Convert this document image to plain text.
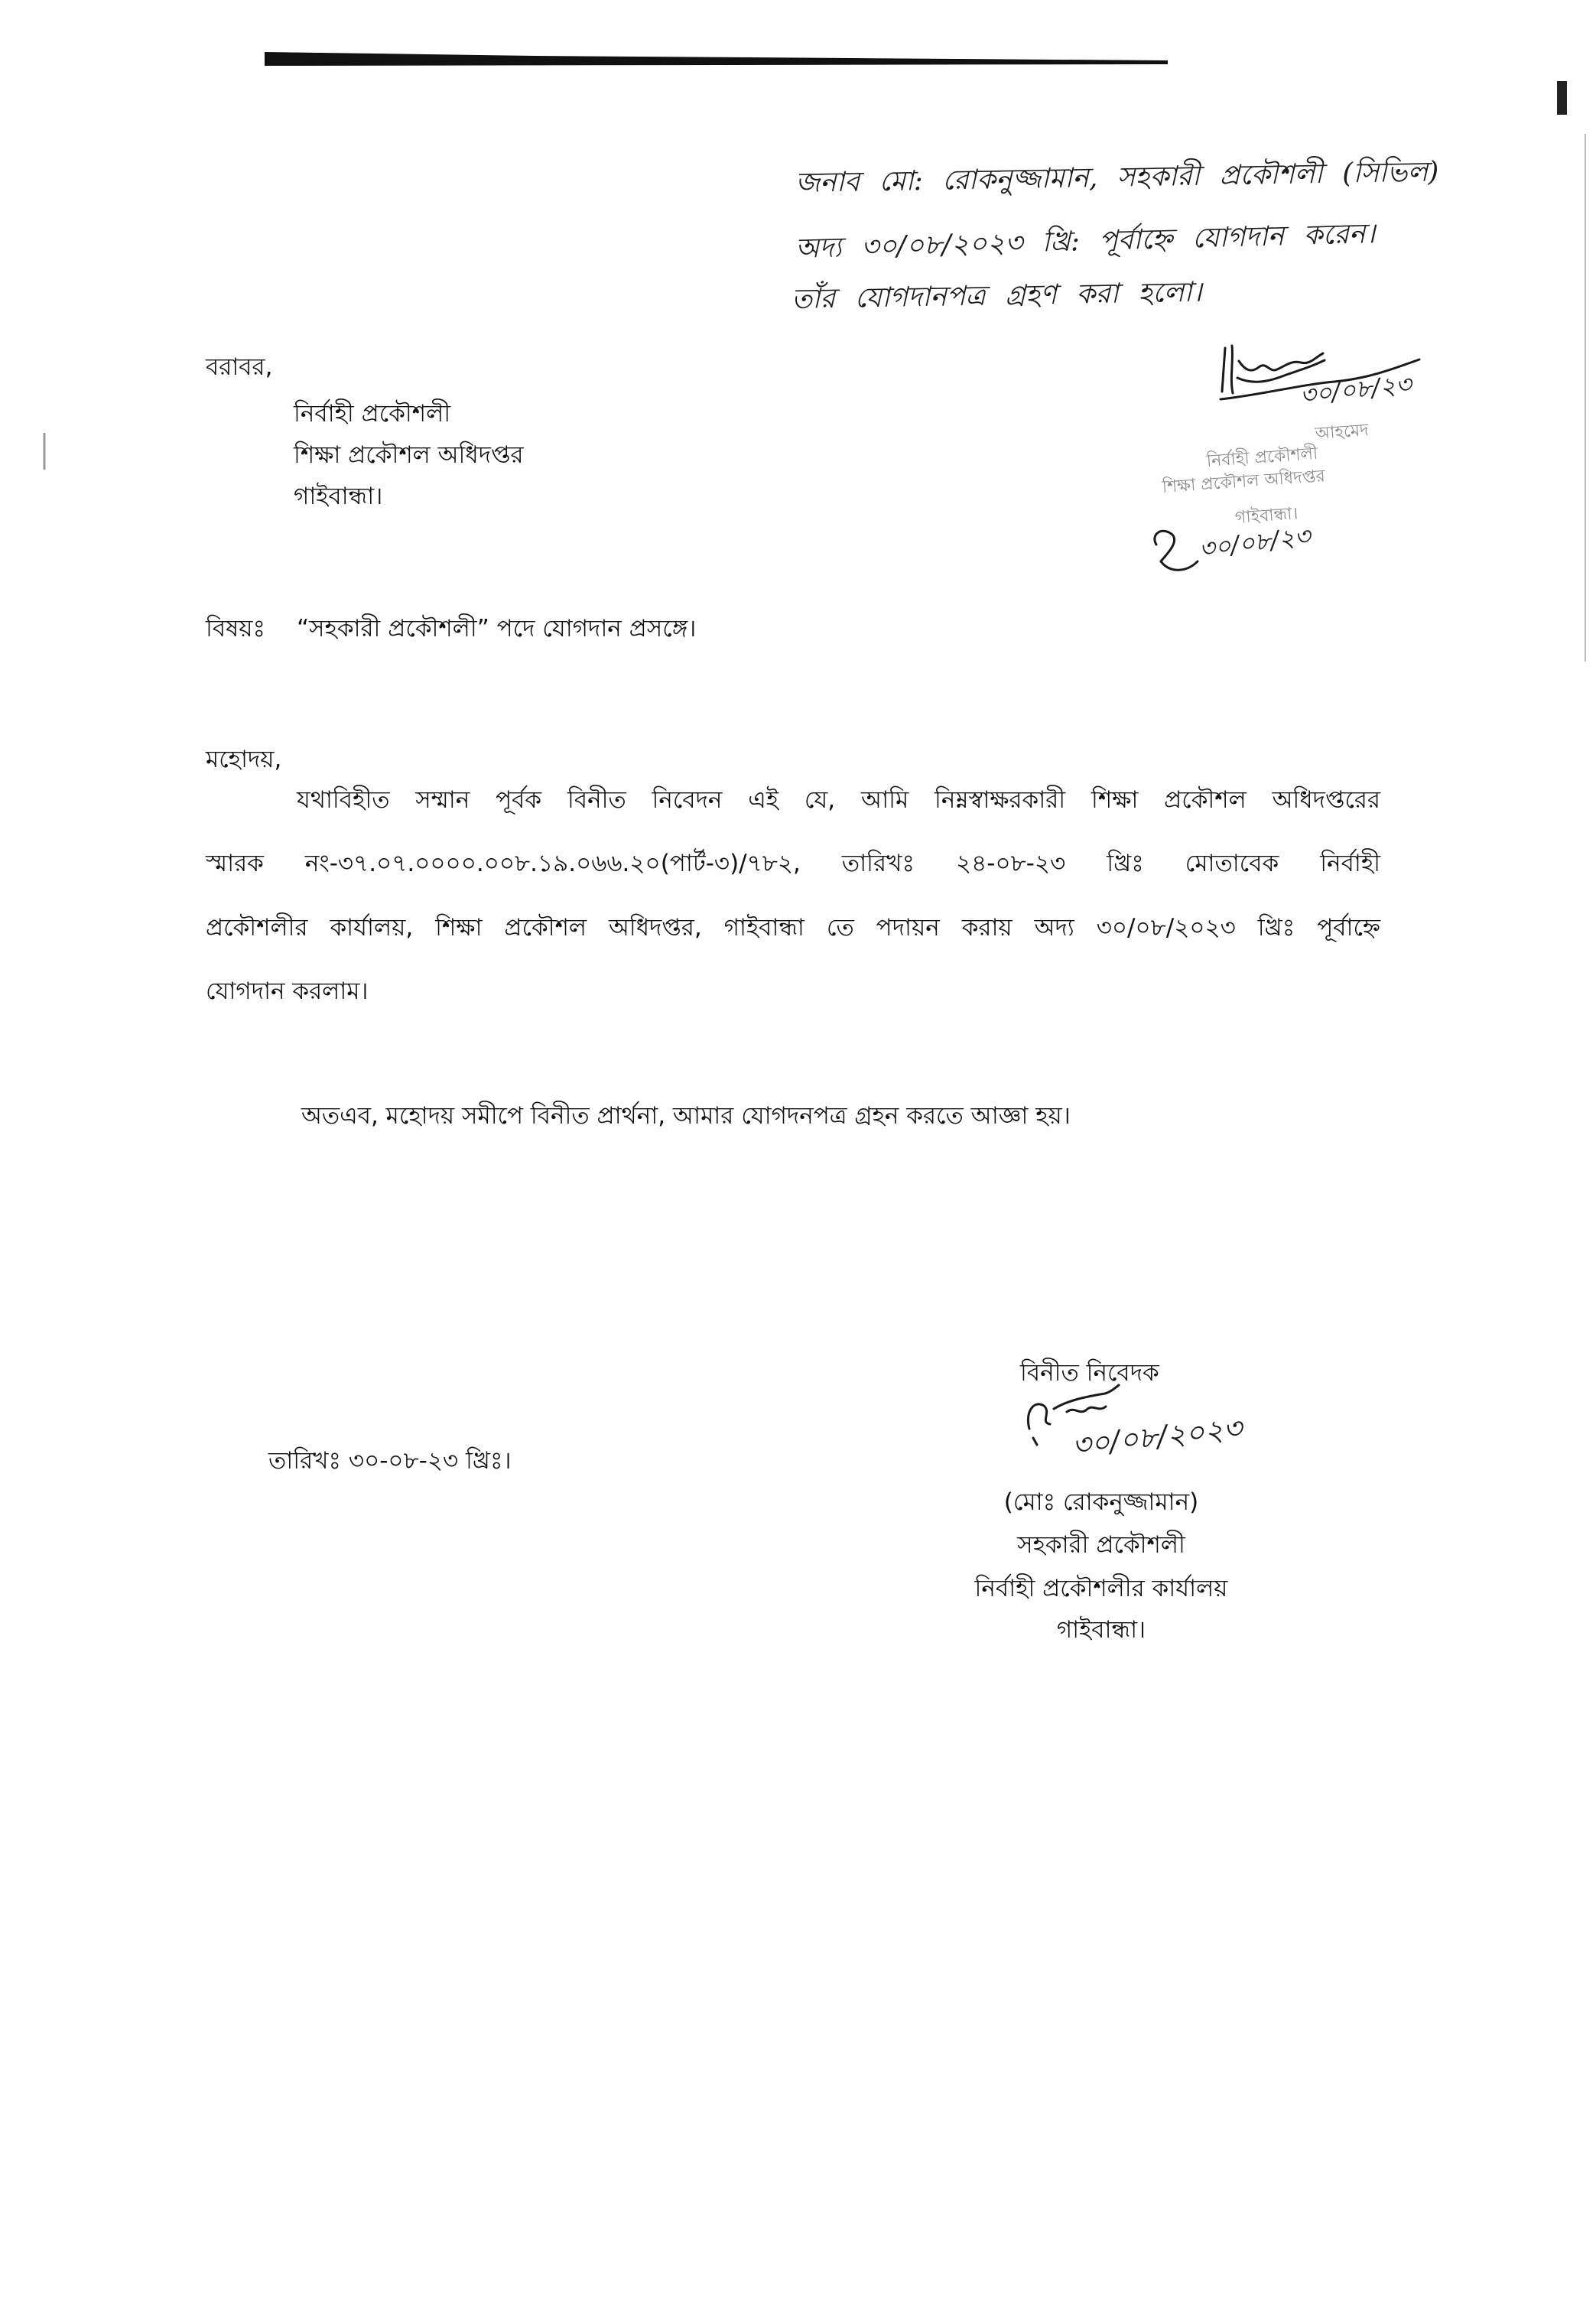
জনাব মো: রোকনুজ্জামান, সহকারী প্রকৌশলী (সিভিল)
অদ্য ৩০/০৮/২০২৩ খ্রি: পূর্বাহ্নে যোগদান করেন।
তাঁর যোগদানপত্র গ্রহণ করা হলো।
৩০/০৮/২৩
আহমেদ
নির্বাহী প্রকৌশলী
শিক্ষা প্রকৌশল অধিদপ্তর
গাইবান্ধা।
৩০/০৮/২৩
বরাবর,
নির্বাহী প্রকৌশলী
শিক্ষা প্রকৌশল অধিদপ্তর
গাইবান্ধা।
বিষয়ঃ “সহকারী প্রকৌশলী” পদে যোগদান প্রসঙ্গে।
মহোদয়,
যথাবিহীত সম্মান পূর্বক বিনীত নিবেদন এই যে, আমি নিম্নস্বাক্ষরকারী শিক্ষা প্রকৌশল অধিদপ্তরের
স্মারক নং-৩৭.০৭.০০০০.০০৮.১৯.০৬৬.২০(পার্ট-৩)/৭৮২, তারিখঃ ২৪-০৮-২৩ খ্রিঃ মোতাবেক নির্বাহী
প্রকৌশলীর কার্যালয়, শিক্ষা প্রকৌশল অধিদপ্তর, গাইবান্ধা তে পদায়ন করায় অদ্য ৩০/০৮/২০২৩ খ্রিঃ পূর্বাহ্নে
যোগদান করলাম।
অতএব, মহোদয় সমীপে বিনীত প্রার্থনা, আমার যোগদনপত্র গ্রহন করতে আজ্ঞা হয়।
তারিখঃ ৩০-০৮-২৩ খ্রিঃ।
বিনীত নিবেদক
৩০/০৮/২০২৩
(মোঃ রোকনুজ্জামান)
সহকারী প্রকৌশলী
নির্বাহী প্রকৌশলীর কার্যালয়
গাইবান্ধা।
